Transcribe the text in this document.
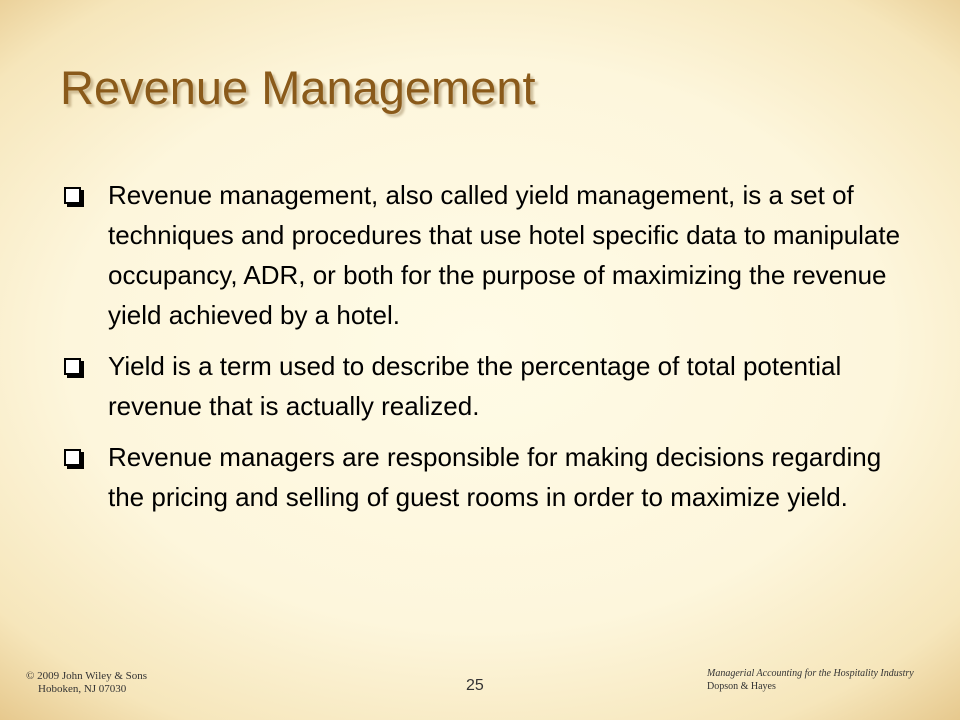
Revenue Management
Revenue management, also called yield management, is a set of techniques and procedures that use hotel specific data to manipulate occupancy, ADR, or both for the purpose of maximizing the revenue yield achieved by a hotel.
Yield is a term used to describe the percentage of total potential revenue that is actually realized.
Revenue managers are responsible for making decisions regarding the pricing and selling of guest rooms in order to maximize yield.
© 2009 John Wiley & Sons
Hoboken, NJ 07030	25
Managerial Accounting for the Hospitality Industry
Dopson & Hayes
